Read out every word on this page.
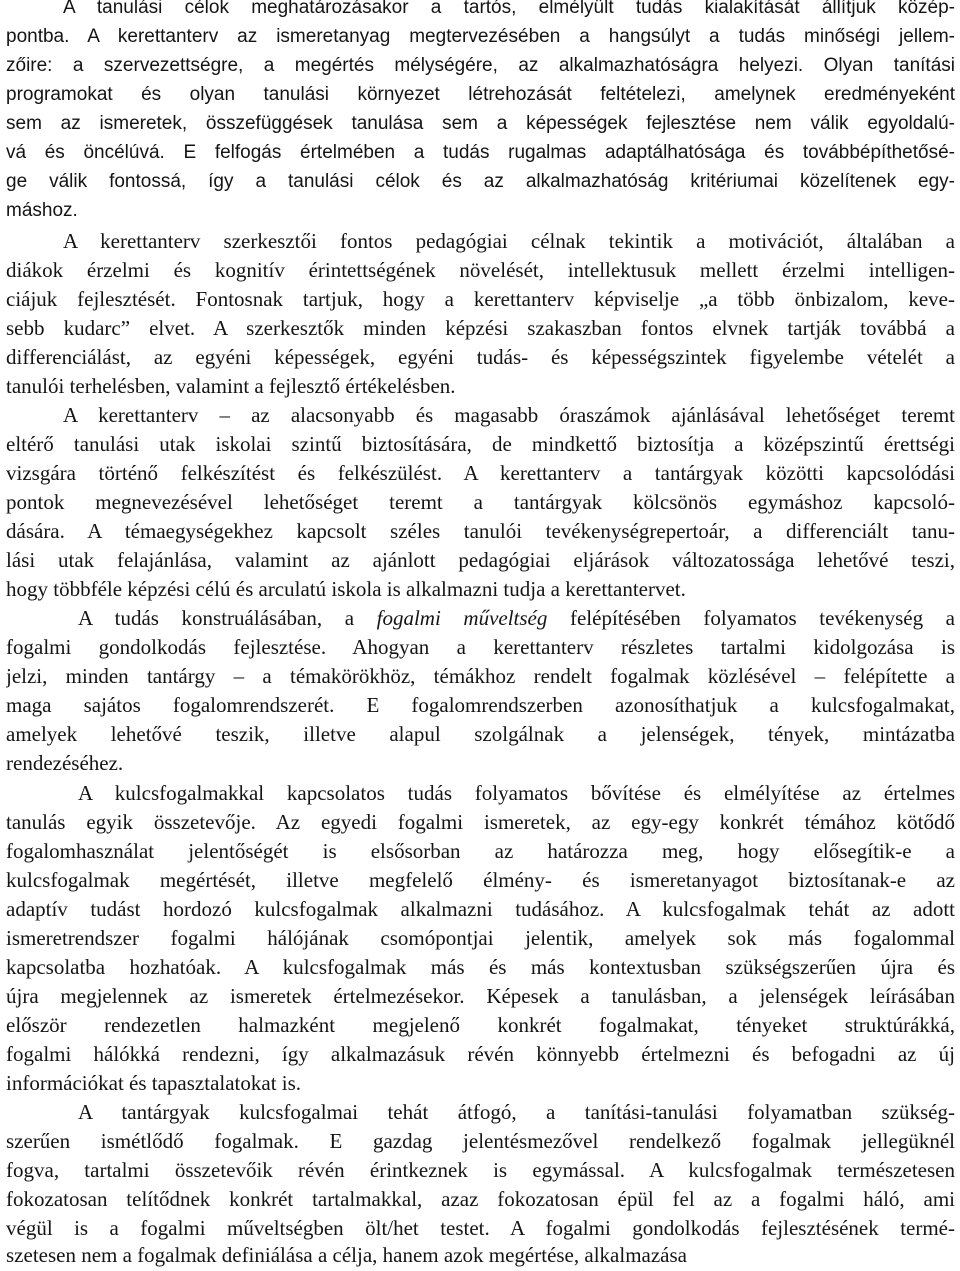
A tanulási célok meghatározásakor a tartós, elmélyült tudás kialakítását állítjuk közép-
pontba. A kerettanterv az ismeretanyag megtervezésében a hangsúlyt a tudás minőségi jellem-
zőire: a szervezettségre, a megértés mélységére, az alkalmazhatóságra helyezi. Olyan tanítási
programokat és olyan tanulási környezet létrehozását feltételezi, amelynek eredményeként
sem az ismeretek, összefüggések tanulása sem a képességek fejlesztése nem válik egyoldalú-
vá és öncélúvá. E felfogás értelmében a tudás rugalmas adaptálhatósága és továbbépíthetősé-
ge válik fontossá, így a tanulási célok és az alkalmazhatóság kritériumai közelítenek egy-
máshoz.
A kerettanterv szerkesztői fontos pedagógiai célnak tekintik a motivációt, általában a
diákok érzelmi és kognitív érintettségének növelését, intellektusuk mellett érzelmi intelligen-
ciájuk fejlesztését. Fontosnak tartjuk, hogy a kerettanterv képviselje „a több önbizalom, keve-
sebb kudarc” elvet. A szerkesztők minden képzési szakaszban fontos elvnek tartják továbbá a
differenciálást, az egyéni képességek, egyéni tudás- és képességszintek figyelembe vételét a
tanulói terhelésben, valamint a fejlesztő értékelésben.
A kerettanterv – az alacsonyabb és magasabb óraszámok ajánlásával lehetőséget teremt
eltérő tanulási utak iskolai szintű biztosítására, de mindkettő biztosítja a középszintű érettségi
vizsgára történő felkészítést és felkészülést. A kerettanterv a tantárgyak közötti kapcsolódási
pontok megnevezésével lehetőséget teremt a tantárgyak kölcsönös egymáshoz kapcsoló-
dására. A témaegységekhez kapcsolt széles tanulói tevékenységrepertoár, a differenciált tanu-
lási utak felajánlása, valamint az ajánlott pedagógiai eljárások változatossága lehetővé teszi,
hogy többféle képzési célú és arculatú iskola is alkalmazni tudja a kerettantervet.
A tudás konstruálásában, a fogalmi műveltség felépítésében folyamatos tevékenység a
fogalmi gondolkodás fejlesztése. Ahogyan a kerettanterv részletes tartalmi kidolgozása is
jelzi, minden tantárgy – a témakörökhöz, témákhoz rendelt fogalmak közlésével – felépítette a
maga sajátos fogalomrendszerét. E fogalomrendszerben azonosíthatjuk a kulcsfogalmakat,
amelyek lehetővé teszik, illetve alapul szolgálnak a jelenségek, tények, mintázatba
rendezéséhez.
A kulcsfogalmakkal kapcsolatos tudás folyamatos bővítése és elmélyítése az értelmes
tanulás egyik összetevője. Az egyedi fogalmi ismeretek, az egy-egy konkrét témához kötődő
fogalomhasználat jelentőségét is elsősorban az határozza meg, hogy elősegítik-e a
kulcsfogalmak megértését, illetve megfelelő élmény- és ismeretanyagot biztosítanak-e az
adaptív tudást hordozó kulcsfogalmak alkalmazni tudásához. A kulcsfogalmak tehát az adott
ismeretrendszer fogalmi hálójának csomópontjai jelentik, amelyek sok más fogalommal
kapcsolatba hozhatóak. A kulcsfogalmak más és más kontextusban szükségszerűen újra és
újra megjelennek az ismeretek értelmezésekor. Képesek a tanulásban, a jelenségek leírásában
először rendezetlen halmazként megjelenő konkrét fogalmakat, tényeket struktúrákká,
fogalmi hálókká rendezni, így alkalmazásuk révén könnyebb értelmezni és befogadni az új
információkat és tapasztalatokat is.
A tantárgyak kulcsfogalmai tehát átfogó, a tanítási-tanulási folyamatban szükség-
szerűen ismétlődő fogalmak. E gazdag jelentésmezővel rendelkező fogalmak jellegüknél
fogva, tartalmi összetevőik révén érintkeznek is egymással. A kulcsfogalmak természetesen
fokozatosan telítődnek konkrét tartalmakkal, azaz fokozatosan épül fel az a fogalmi háló, ami
végül is a fogalmi műveltségben ölt/het testet. A fogalmi gondolkodás fejlesztésének termé-
szetesen nem a fogalmak definiálása a célja, hanem azok megértése, alkalmazása
